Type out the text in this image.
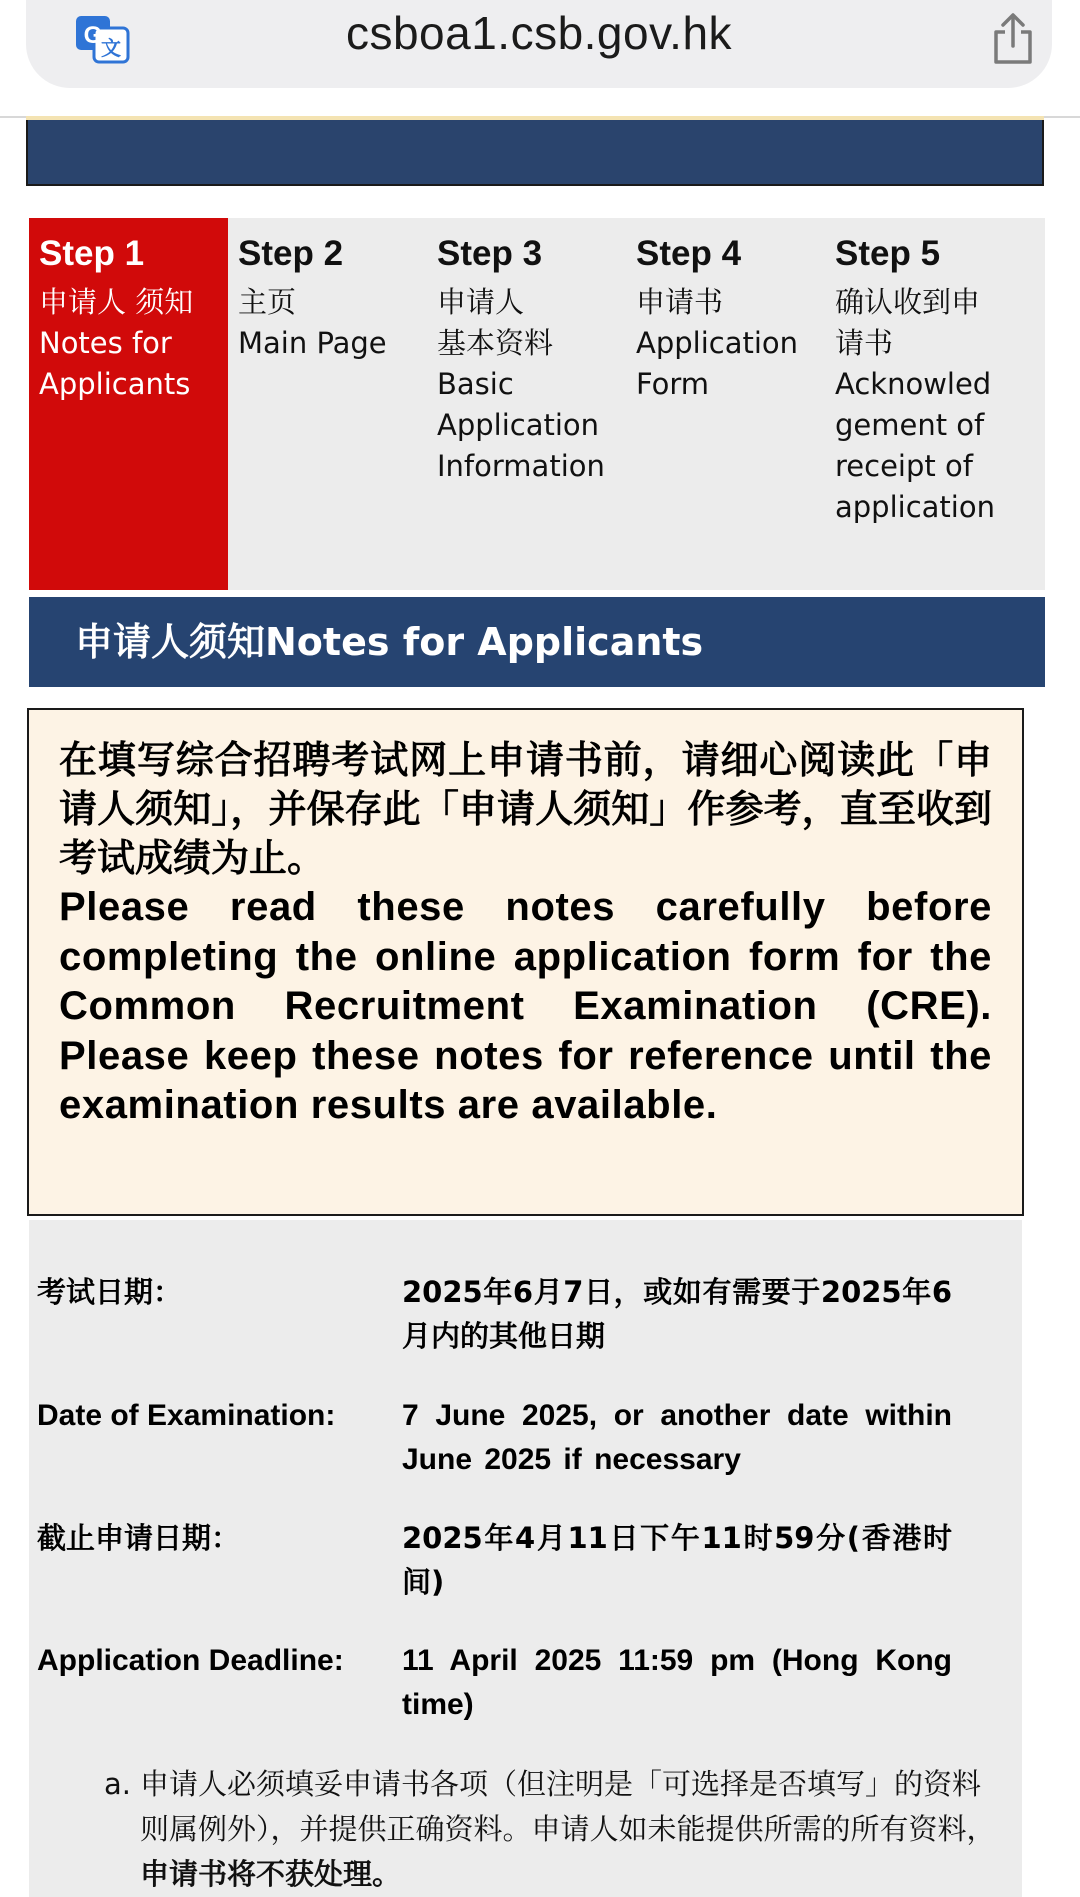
G
文	csboa1.csb.gov.hk
Step 1
申请人 须知
Notes for
Applicants
Step 2
主页
Main Page
Step 3
申请人
基本资料
Basic
Application
Information
Step 4
申请书
Application
Form
Step 5
确认收到申
请书
Acknowled
gement of
receipt of
application
申请人须知Notes for Applicants
在填写综合招聘考试网上申请书前，请细心阅读此「申请人须知」，并保存此「申请人须知」作参考，直至收到考试成绩为止。
Please read these notes carefully before completing the online application form for the Common Recruitment Examination (CRE). Please keep these notes for reference until the examination results are available.
考试日期：	2025年6月7日，或如有需要于2025年6月内的其他日期
Date of Examination:	7 June 2025, or another date within June 2025 if necessary
截止申请日期：	2025年4月11日下午11时59分(香港时间)
Application Deadline:	11 April 2025 11:59 pm (Hong Kong time)
a. 申请人必须填妥申请书各项（但注明是「可选择是否填写」的资料则属例外），并提供正确资料。申请人如未能提供所需的所有资料，申请书将不获处理。
